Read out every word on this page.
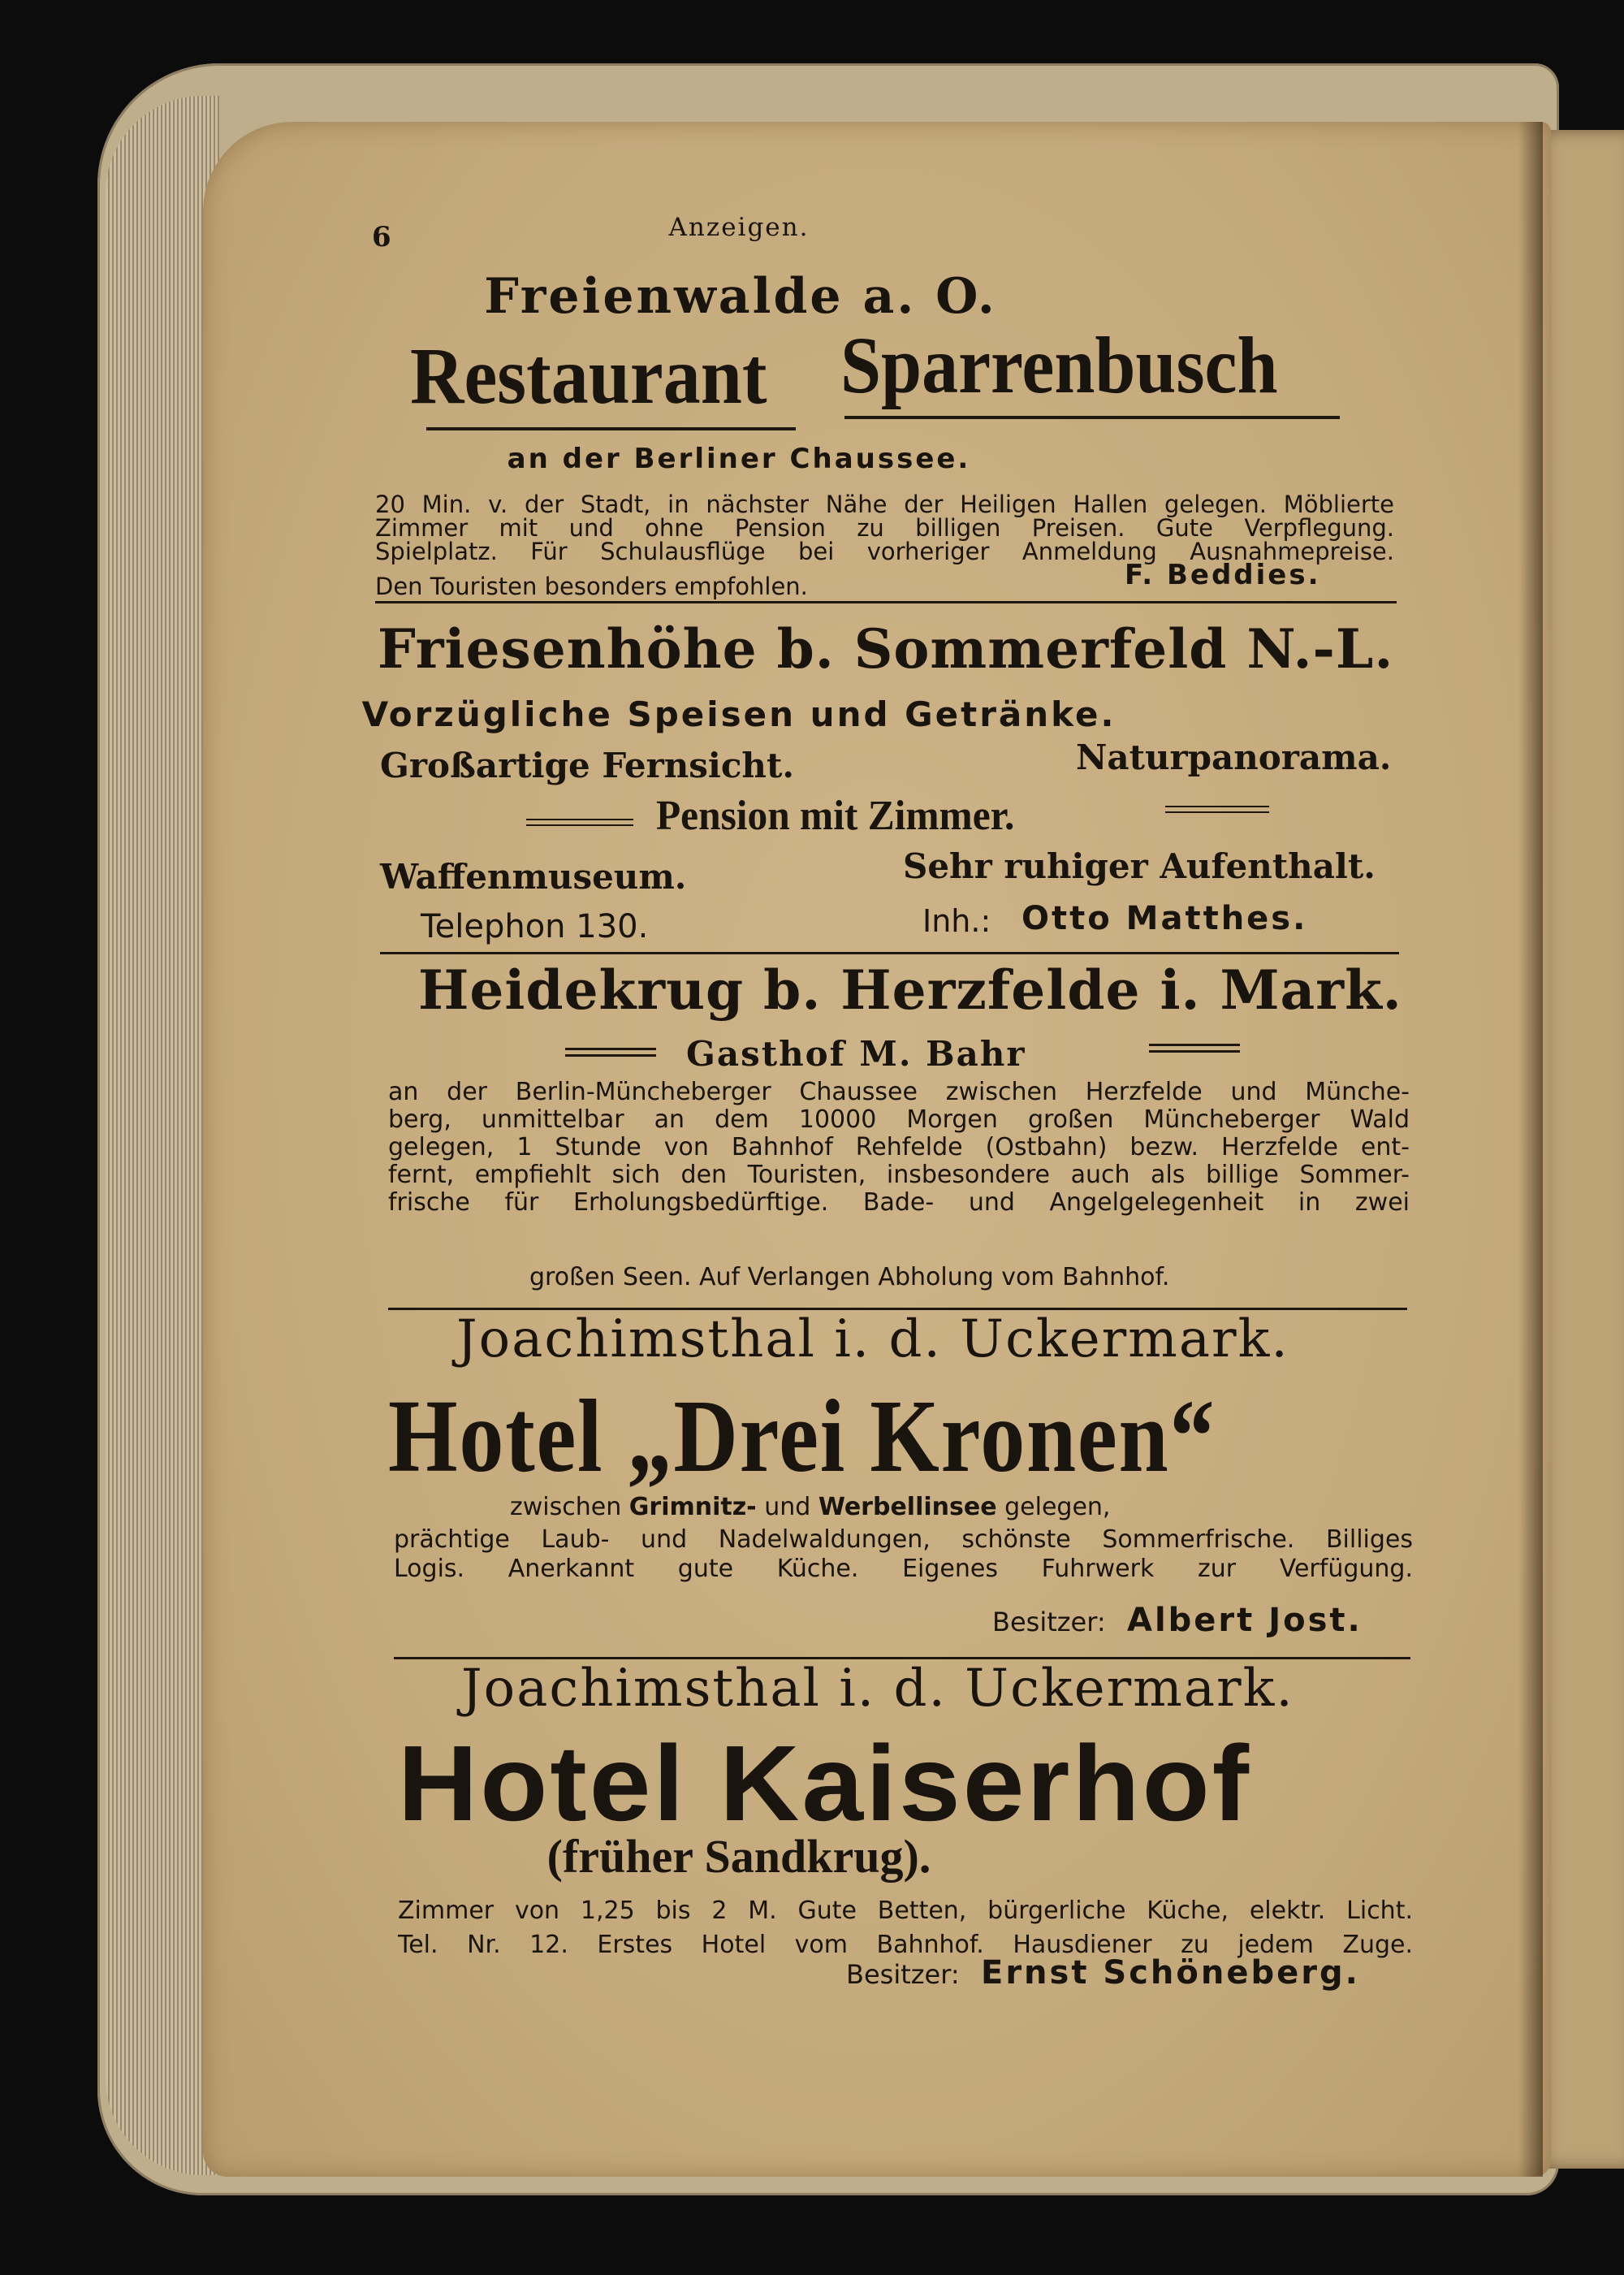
6	Anzeigen.
Freienwalde a. O.
Restaurant Sparrenbusch
an der Berliner Chaussee.
20 Min. v. der Stadt, in nächster Nähe der Heiligen Hallen gelegen. Möblierte
Zimmer mit und ohne Pension zu billigen Preisen. Gute Verpflegung.
Spielplatz. Für Schulausflüge bei vorheriger Anmeldung Ausnahmepreise.
Den Touristen besonders empfohlen.	F. Beddies.
Friesenhöhe b. Sommerfeld N.-L.
Vorzügliche Speisen und Getränke.
Großartige Fernsicht.	Naturpanorama.
Pension mit Zimmer.
Waffenmuseum.	Sehr ruhiger Aufenthalt.
Telephon 130.	Inh.: Otto Matthes.
Heidekrug b. Herzfelde i. Mark.
Gasthof M. Bahr
an der Berlin-Müncheberger Chaussee zwischen Herzfelde und Münche-
berg, unmittelbar an dem 10000 Morgen großen Müncheberger Wald
gelegen, 1 Stunde von Bahnhof Rehfelde (Ostbahn) bezw. Herzfelde ent-
fernt, empfiehlt sich den Touristen, insbesondere auch als billige Sommer-
frische für Erholungsbedürftige. Bade- und Angelgelegenheit in zwei
großen Seen. Auf Verlangen Abholung vom Bahnhof.
Joachimsthal i. d. Uckermark.
Hotel „Drei Kronen“
zwischen Grimnitz- und Werbellinsee gelegen,
prächtige Laub- und Nadelwaldungen, schönste Sommerfrische. Billiges
Logis. Anerkannt gute Küche. Eigenes Fuhrwerk zur Verfügung.
Besitzer: Albert Jost.
Joachimsthal i. d. Uckermark.
Hotel Kaiserhof
(früher Sandkrug).
Zimmer von 1,25 bis 2 M. Gute Betten, bürgerliche Küche, elektr. Licht.
Tel. Nr. 12. Erstes Hotel vom Bahnhof. Hausdiener zu jedem Zuge.
Besitzer: Ernst Schöneberg.
